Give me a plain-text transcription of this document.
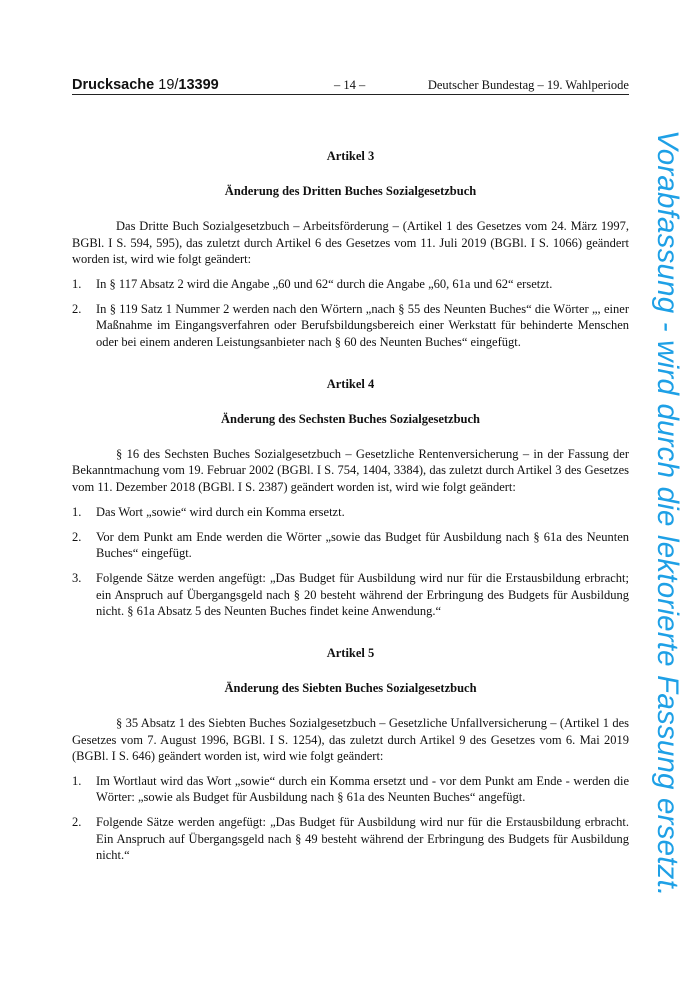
Drucksache 19/13399	– 14 –	Deutscher Bundestag – 19. Wahlperiode
Vorabfassung - wird durch die lektorierte Fassung ersetzt.

Artikel 3

Änderung des Dritten Buches Sozialgesetzbuch

Das Dritte Buch Sozialgesetzbuch – Arbeitsförderung – (Artikel 1 des Gesetzes vom 24. März 1997, BGBl. I S. 594, 595), das zuletzt durch Artikel 6 des Gesetzes vom 11. Juli 2019 (BGBl. I S. 1066) geändert worden ist, wird wie folgt geändert:

1. In § 117 Absatz 2 wird die Angabe „60 und 62“ durch die Angabe „60, 61a und 62“ ersetzt.
2. In § 119 Satz 1 Nummer 2 werden nach den Wörtern „nach § 55 des Neunten Buches“ die Wörter „, einer Maßnahme im Eingangsverfahren oder Berufsbildungsbereich einer Werkstatt für behinderte Menschen oder bei einem anderen Leistungsanbieter nach § 60 des Neunten Buches“ eingefügt.

Artikel 4

Änderung des Sechsten Buches Sozialgesetzbuch

§ 16 des Sechsten Buches Sozialgesetzbuch – Gesetzliche Rentenversicherung – in der Fassung der Bekanntmachung vom 19. Februar 2002 (BGBl. I S. 754, 1404, 3384), das zuletzt durch Artikel 3 des Gesetzes vom 11. Dezember 2018 (BGBl. I S. 2387) geändert worden ist, wird wie folgt geändert:

1. Das Wort „sowie“ wird durch ein Komma ersetzt.
2. Vor dem Punkt am Ende werden die Wörter „sowie das Budget für Ausbildung nach § 61a des Neunten Buches“ eingefügt.
3. Folgende Sätze werden angefügt: „Das Budget für Ausbildung wird nur für die Erstausbildung erbracht; ein Anspruch auf Übergangsgeld nach § 20 besteht während der Erbringung des Budgets für Ausbildung nicht. § 61a Absatz 5 des Neunten Buches findet keine Anwendung.“

Artikel 5

Änderung des Siebten Buches Sozialgesetzbuch

§ 35 Absatz 1 des Siebten Buches Sozialgesetzbuch – Gesetzliche Unfallversicherung – (Artikel 1 des Gesetzes vom 7. August 1996, BGBl. I S. 1254), das zuletzt durch Artikel 9 des Gesetzes vom 6. Mai 2019 (BGBl. I S. 646) geändert worden ist, wird wie folgt geändert:

1. Im Wortlaut wird das Wort „sowie“ durch ein Komma ersetzt und - vor dem Punkt am Ende - werden die Wörter: „sowie als Budget für Ausbildung nach § 61a des Neunten Buches“ angefügt.
2. Folgende Sätze werden angefügt: „Das Budget für Ausbildung wird nur für die Erstausbildung erbracht. Ein Anspruch auf Übergangsgeld nach § 49 besteht während der Erbringung des Budgets für Ausbildung nicht.“
